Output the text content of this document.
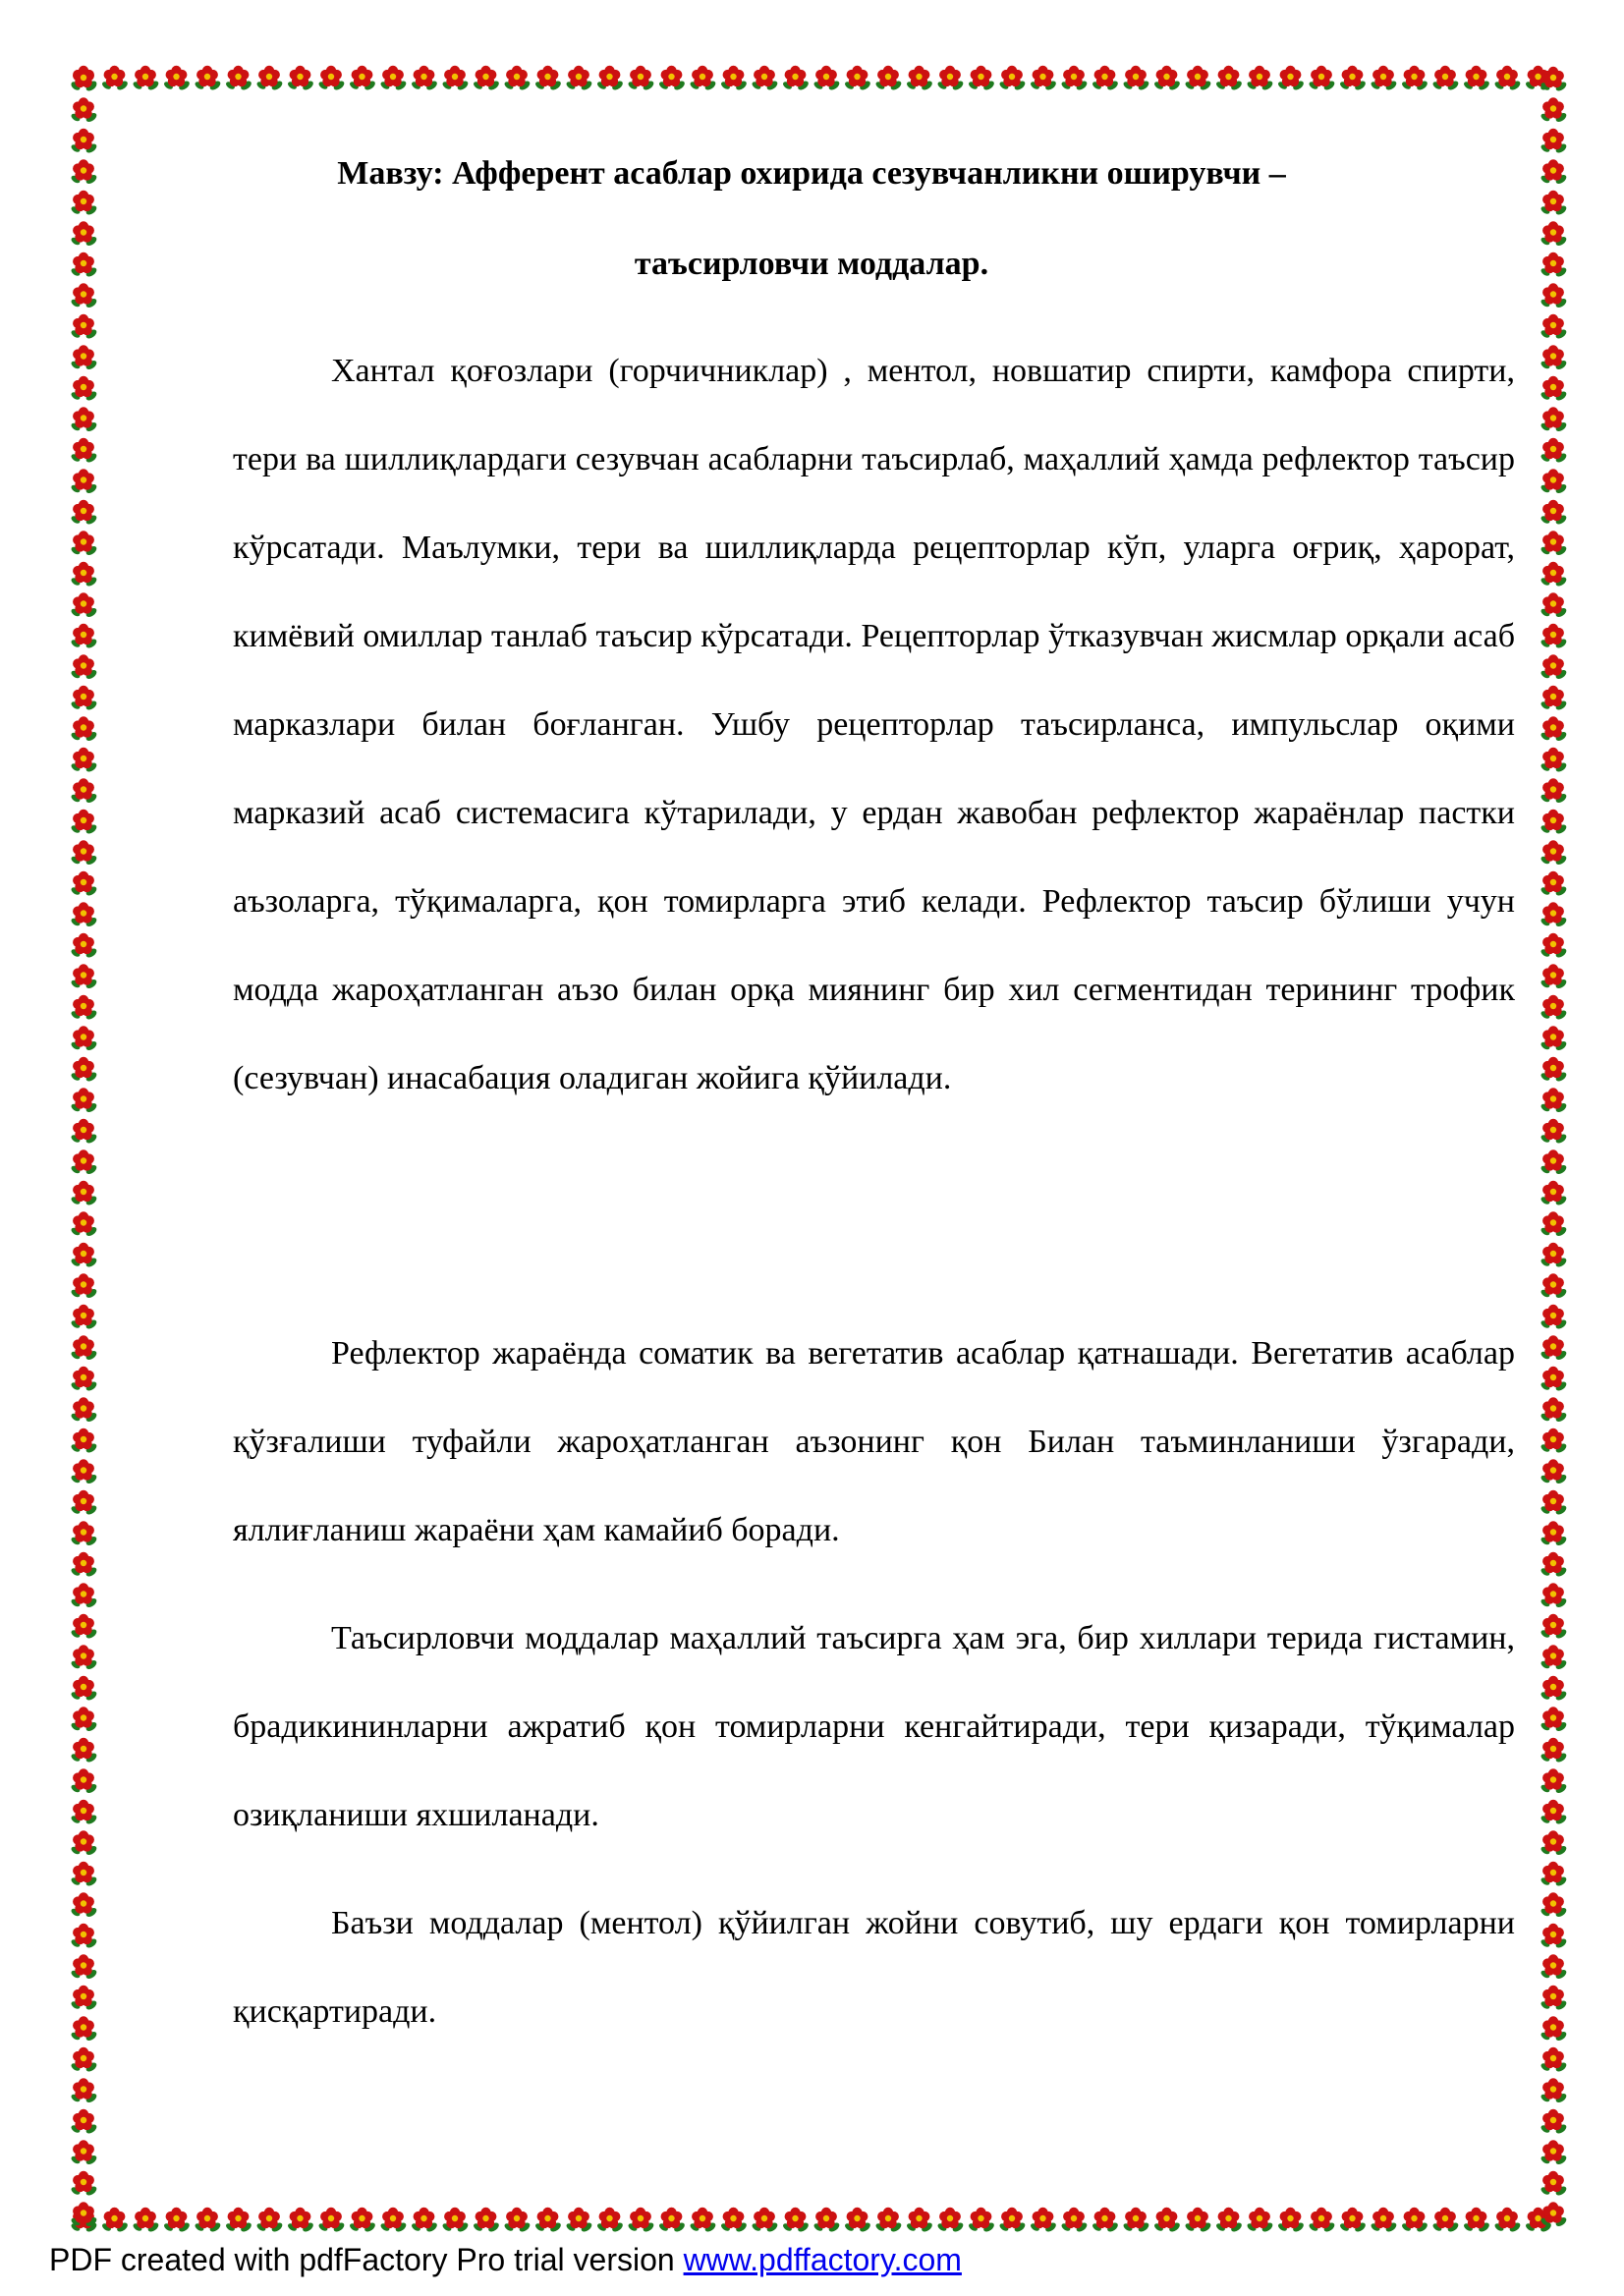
Мавзу: Афферент асаблар охирида сезувчанликни оширувчи –
таъсирловчи моддалар.

Хантал қоғозлари (горчичниклар) , ментол, новшатир спирти, камфора спирти, тери ва шиллиқлардаги сезувчан асабларни таъсирлаб, маҳаллий ҳамда рефлектор таъсир кўрсатади. Маълумки, тери ва шиллиқларда рецепторлар кўп, уларга оғриқ, ҳарорат, кимёвий омиллар танлаб таъсир кўрсатади. Рецепторлар ўтказувчан жисмлар орқали асаб марказлари билан боғланган. Ушбу рецепторлар таъсирланса, импульслар оқими марказий асаб системасига кўтарилади, у ердан жавобан рефлектор жараёнлар пастки аъзоларга, тўқималарга, қон томирларга этиб келади. Рефлектор таъсир бўлиши учун модда жароҳатланган аъзо билан орқа миянинг бир хил сегментидан терининг трофик (сезувчан) инасабация оладиган жойига қўйилади.

Рефлектор жараёнда соматик ва вегетатив асаблар қатнашади. Вегетатив асаблар қўзғалиши туфайли жароҳатланган аъзонинг қон Билан таъминланиши ўзгаради, яллиғланиш жараёни ҳам камайиб боради.

Таъсирловчи моддалар маҳаллий таъсирга ҳам эга, бир хиллари терида гистамин, брадикининларни ажратиб қон томирларни кенгайтиради, тери қизаради, тўқималар озиқланиши яхшиланади.

Баъзи моддалар (ментол) қўйилган жойни совутиб, шу ердаги қон томирларни қисқартиради.

PDF created with pdfFactory Pro trial version www.pdffactory.com
